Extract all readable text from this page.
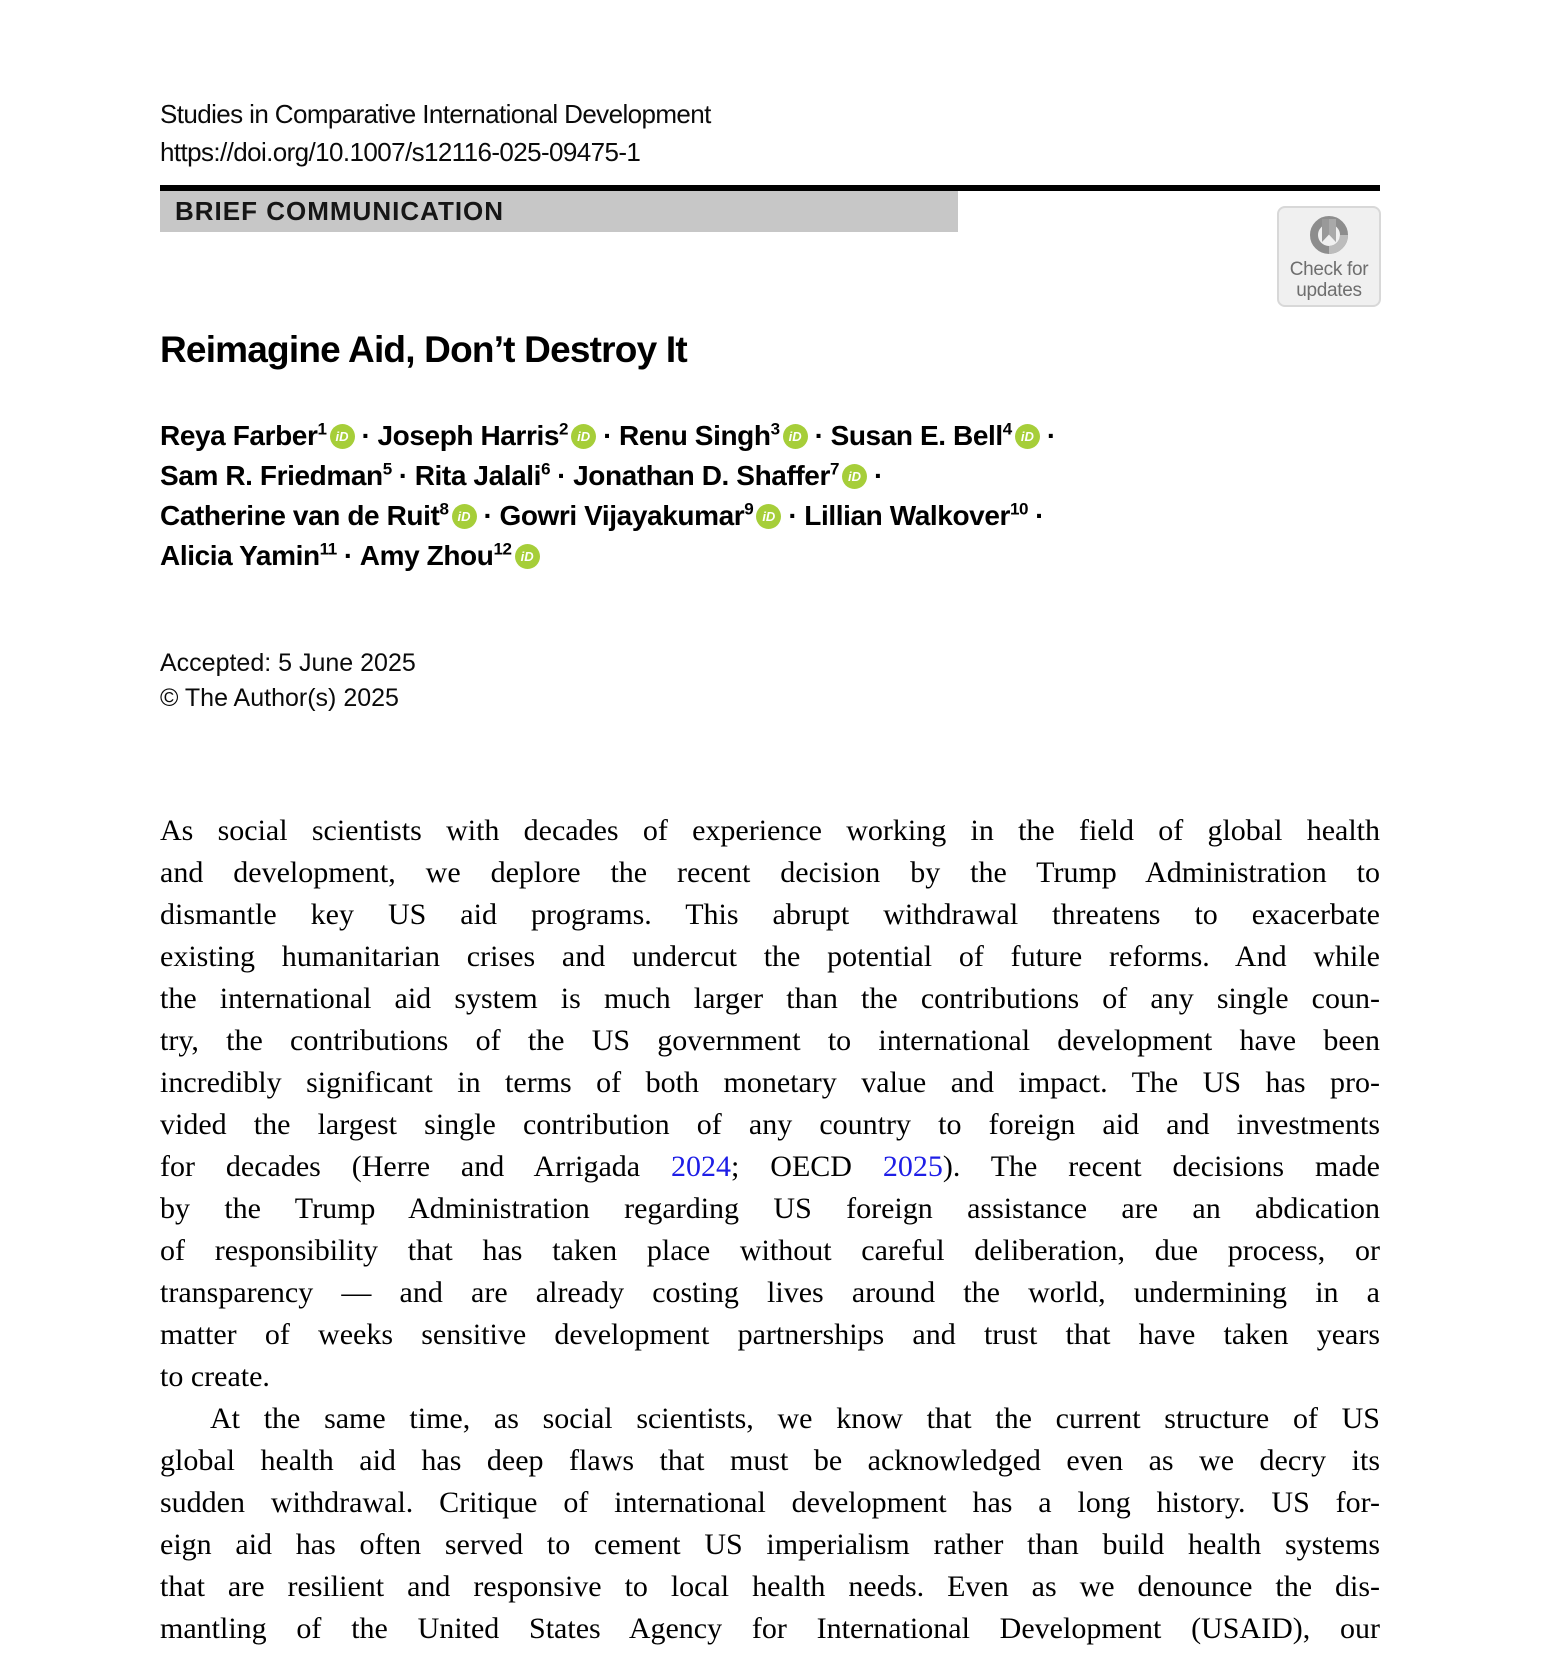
Studies in Comparative International Development
https://doi.org/10.1007/s12116-025-09475-1
BRIEF COMMUNICATION
Check for
updates
Reimagine Aid, Don’t Destroy It
Reya Farber$^1$ iD · Joseph Harris$^2$ iD · Renu Singh$^3$ iD · Susan E. Bell$^4$ iD ·
Sam R. Friedman$^5$ · Rita Jalali$^6$ · Jonathan D. Shaffer$^7$ iD ·
Catherine van de Ruit$^8$ iD · Gowri Vijayakumar$^9$ iD · Lillian Walkover$^{10}$ ·
Alicia Yamin$^{11}$ · Amy Zhou$^{12}$ iD
Accepted: 5 June 2025
© The Author(s) 2025
As social scientists with decades of experience working in the field of global health
and development, we deplore the recent decision by the Trump Administration to
dismantle key US aid programs. This abrupt withdrawal threatens to exacerbate
existing humanitarian crises and undercut the potential of future reforms. And while
the international aid system is much larger than the contributions of any single coun-
try, the contributions of the US government to international development have been
incredibly significant in terms of both monetary value and impact. The US has pro-
vided the largest single contribution of any country to foreign aid and investments
for decades (Herre and Arrigada 2024; OECD 2025). The recent decisions made
by the Trump Administration regarding US foreign assistance are an abdication
of responsibility that has taken place without careful deliberation, due process, or
transparency — and are already costing lives around the world, undermining in a
matter of weeks sensitive development partnerships and trust that have taken years
to create.
At the same time, as social scientists, we know that the current structure of US
global health aid has deep flaws that must be acknowledged even as we decry its
sudden withdrawal. Critique of international development has a long history. US for-
eign aid has often served to cement US imperialism rather than build health systems
that are resilient and responsive to local health needs. Even as we denounce the dis-
mantling of the United States Agency for International Development (USAID), our
